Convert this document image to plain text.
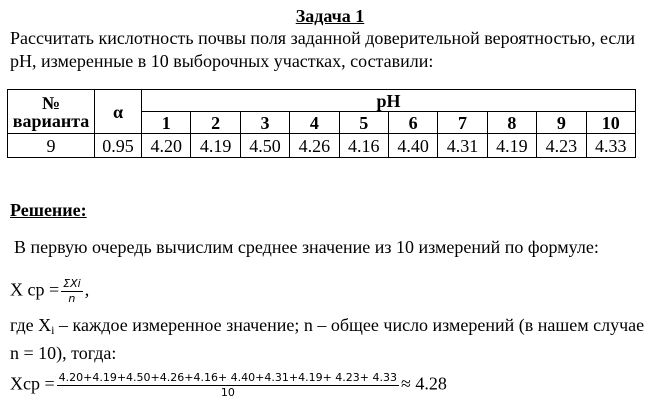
Задача 1
Рассчитать кислотность почвы поля заданной доверительной вероятностью, если pH, измеренные в 10 выборочных участках, составили:
№
варианта	α	pH									
		1	2	3	4	5	6	7	8	9	10
9	0.95	4.20	4.19	4.50	4.26	4.16	4.40	4.31	4.19	4.23	4.33
Решение:
В первую очередь вычислим среднее значение из 10 измерений по формуле:
X ср = $\frac{\text{ΣXi}}{n}$ ,
где $X_i$ – каждое измеренное значение; n – общее число измерений (в нашем случае n = 10), тогда:
Xср = $\frac{4.20+4.19+4.50+4.26+4.16+ 4.40+4.31+4.19+ 4.23+ 4.33}{10} \approx 4.28$
